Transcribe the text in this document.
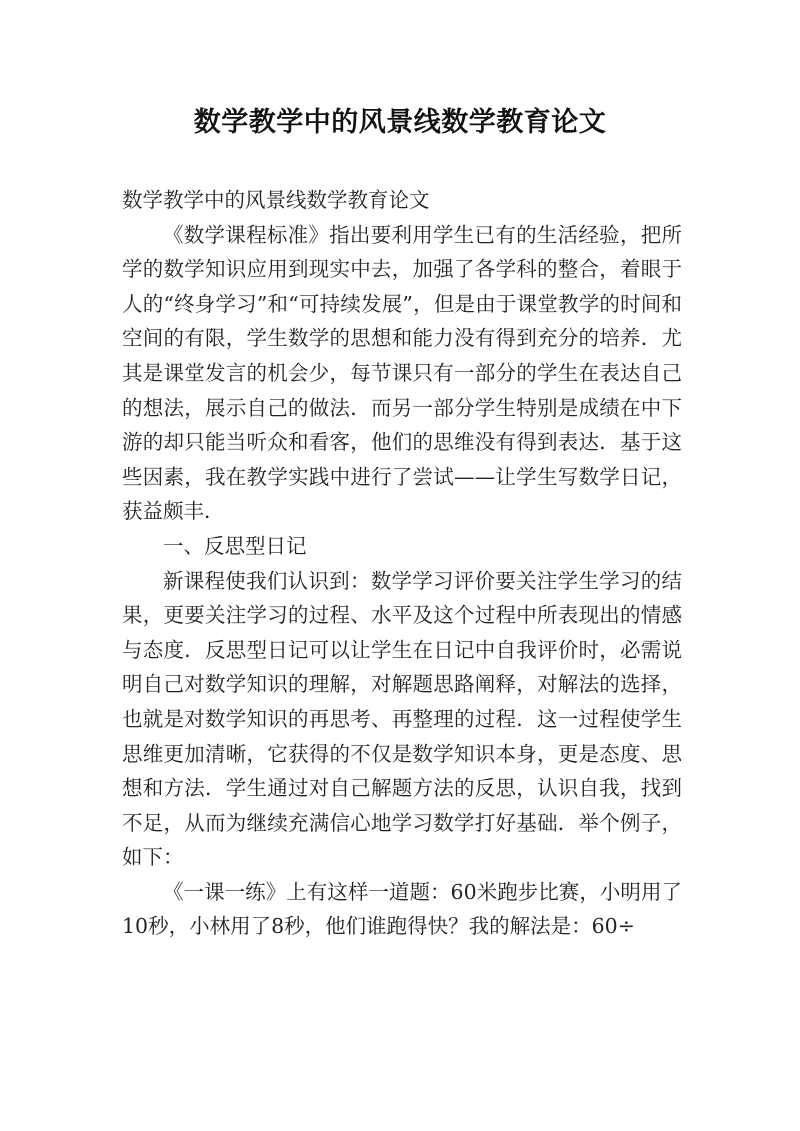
数学教学中的风景线数学教育论文

数学教学中的风景线数学教育论文

《数学课程标准》指出要利用学生已有的生活经验，把所学的数学知识应用到现实中去，加强了各学科的整合，着眼于人的“终身学习”和“可持续发展”，但是由于课堂教学的时间和空间的有限，学生数学的思想和能力没有得到充分的培养．尤其是课堂发言的机会少，每节课只有一部分的学生在表达自己的想法，展示自己的做法．而另一部分学生特别是成绩在中下游的却只能当听众和看客，他们的思维没有得到表达．基于这些因素，我在教学实践中进行了尝试——让学生写数学日记，获益颇丰．

一、反思型日记

新课程使我们认识到：数学学习评价要关注学生学习的结果，更要关注学习的过程、水平及这个过程中所表现出的情感与态度．反思型日记可以让学生在日记中自我评价时，必需说明自己对数学知识的理解，对解题思路阐释，对解法的选择，也就是对数学知识的再思考、再整理的过程．这一过程使学生思维更加清晰，它获得的不仅是数学知识本身，更是态度、思想和方法．学生通过对自己解题方法的反思，认识自我，找到不足，从而为继续充满信心地学习数学打好基础．举个例子，如下：

《一课一练》上有这样一道题：60米跑步比赛，小明用了10秒，小林用了8秒，他们谁跑得快？我的解法是：60÷
